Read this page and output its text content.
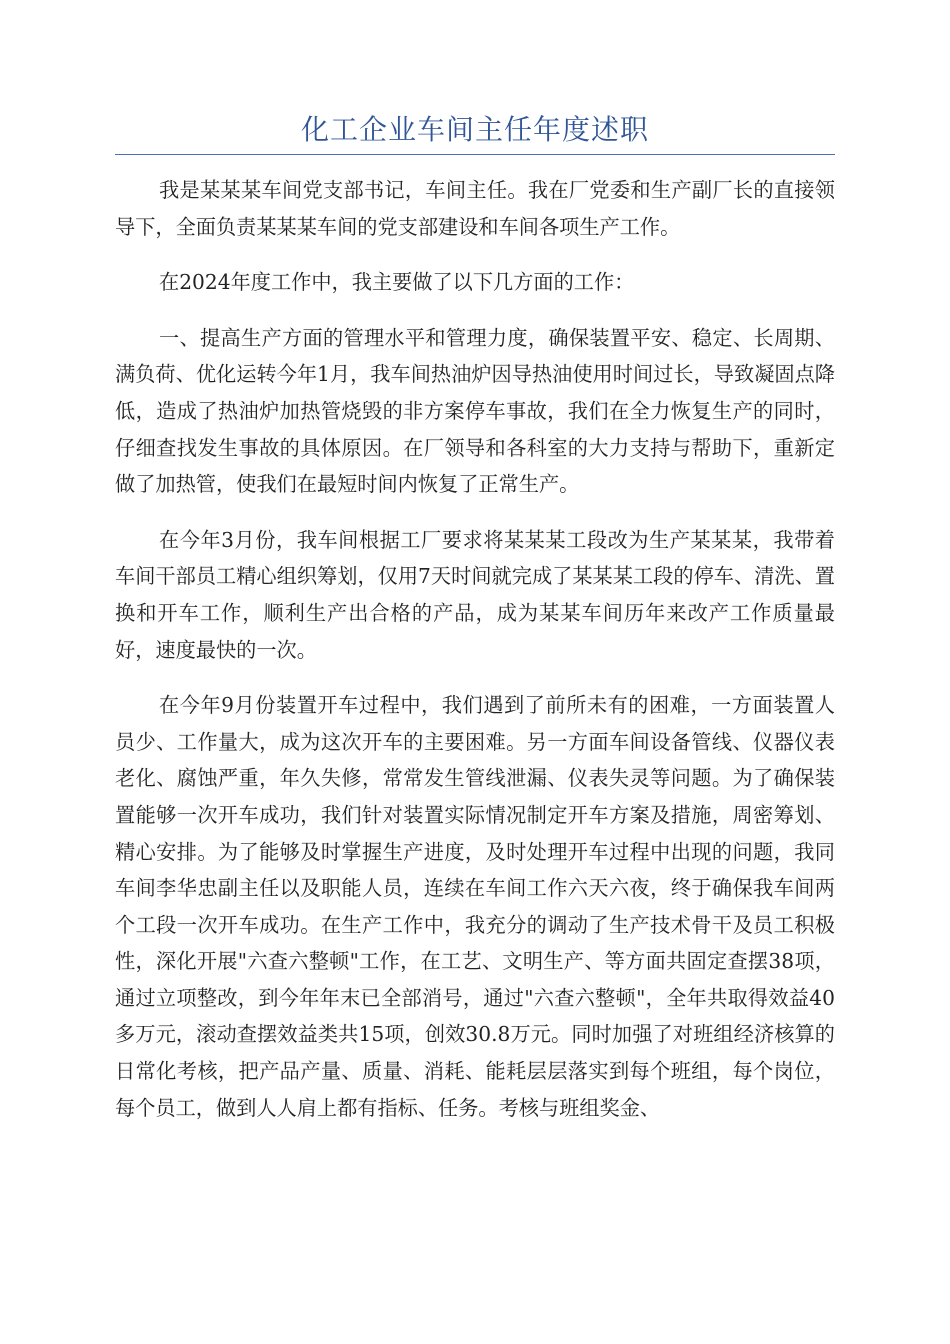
化工企业车间主任年度述职

我是某某某车间党支部书记，车间主任。我在厂党委和生产副厂长的直接领导下，全面负责某某某车间的党支部建设和车间各项生产工作。

在2024年度工作中，我主要做了以下几方面的工作：

一、提高生产方面的管理水平和管理力度，确保装置平安、稳定、长周期、满负荷、优化运转今年1月，我车间热油炉因导热油使用时间过长，导致凝固点降低，造成了热油炉加热管烧毁的非方案停车事故，我们在全力恢复生产的同时，仔细查找发生事故的具体原因。在厂领导和各科室的大力支持与帮助下，重新定做了加热管，使我们在最短时间内恢复了正常生产。

在今年3月份，我车间根据工厂要求将某某某工段改为生产某某某，我带着车间干部员工精心组织筹划，仅用7天时间就完成了某某某工段的停车、清洗、置换和开车工作，顺利生产出合格的产品，成为某某车间历年来改产工作质量最好，速度最快的一次。

在今年9月份装置开车过程中，我们遇到了前所未有的困难，一方面装置人员少、工作量大，成为这次开车的主要困难。另一方面车间设备管线、仪器仪表老化、腐蚀严重，年久失修，常常发生管线泄漏、仪表失灵等问题。为了确保装置能够一次开车成功，我们针对装置实际情况制定开车方案及措施，周密筹划、精心安排。为了能够及时掌握生产进度，及时处理开车过程中出现的问题，我同车间李华忠副主任以及职能人员，连续在车间工作六天六夜，终于确保我车间两个工段一次开车成功。在生产工作中，我充分的调动了生产技术骨干及员工积极性，深化开展"六查六整顿"工作，在工艺、文明生产、等方面共固定查摆38项，通过立项整改，到今年年末已全部消号，通过"六查六整顿"，全年共取得效益40多万元，滚动查摆效益类共15项，创效30.8万元。同时加强了对班组经济核算的日常化考核，把产品产量、质量、消耗、能耗层层落实到每个班组，每个岗位，每个员工，做到人人肩上都有指标、任务。考核与班组奖金、
